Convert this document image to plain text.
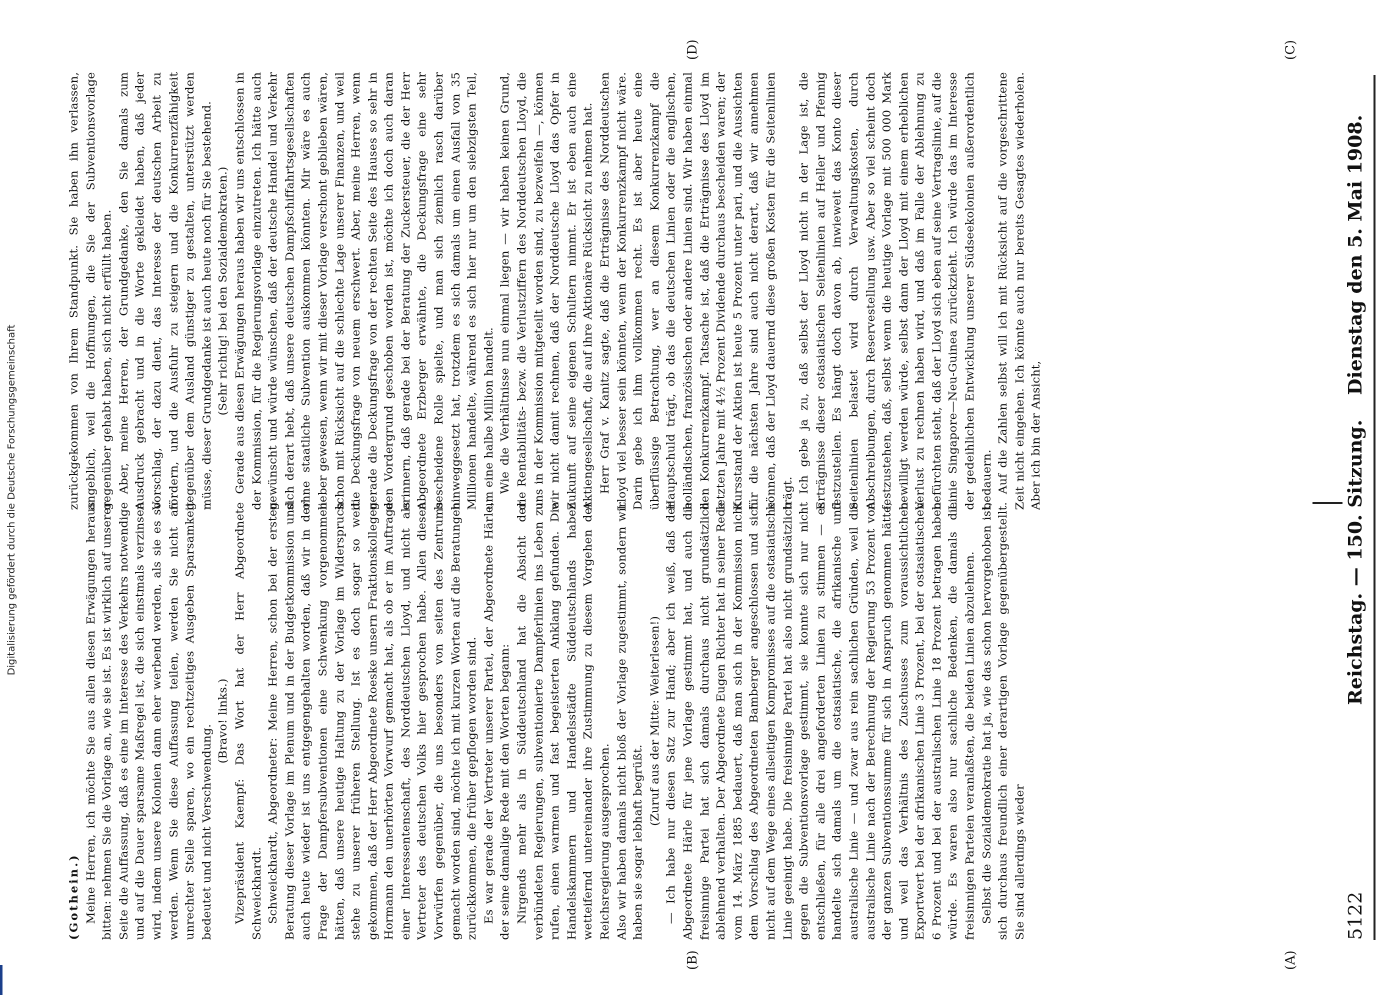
5122
Reichstag. — 150. Sitzung.
Dienstag den 5. Mai 1908.
(A)
(B)
(C)
(D)

(Gothein.) Meine Herren, ich möchte Sie aus allen diesen Erwägungen heraus bitten: nehmen Sie die Vorlage an, wie sie ist. Es ist wirklich auf unserer Seite die Auffassung, daß es eine im Interesse des Verkehrs notwendige und auf die Dauer sparsame Maßregel ist, die sich einstmals verzinsen wird, indem unsere Kolonien dann eher werbend werden, als sie es so werden. Wenn Sie diese Auffassung teilen, werden Sie nicht an unrechter Stelle sparen, wo ein rechtzeitiges Ausgeben Sparsamkeit bedeutet und nicht Verschwendung.

(Bravo! links.) Vizepräsident Kaempf: Das Wort hat der Herr Abgeordnete Schweickhardt. Schweickhardt, Abgeordneter: Meine Herren, schon bei der ersten Beratung dieser Vorlage im Plenum und in der Budgetkommission und auch heute wieder ist uns entgegengehalten worden, daß wir in der Frage der Dampfersubventionen eine Schwenkung vorgenommen hätten, daß unsere heutige Haltung zu der Vorlage im Widerspruch stehe zu unserer früheren Stellung. Ist es doch sogar so weit gekommen, daß der Herr Abgeordnete Roeske unsern Fraktionskollegen Hormann den unerhörten Vorwurf gemacht hat, als ob er im Auftrage einer Interessentenschaft, des Norddeutschen Lloyd, und nicht als Vertreter des deutschen Volks hier gesprochen habe. Allen diesen Vorwürfen gegenüber, die uns besonders von seiten des Zentrums gemacht worden sind, möchte ich mit kurzen Worten auf die Beratungen zurückkommen, die früher gepflogen worden sind. Es war gerade der Vertreter unserer Partei, der Abgeordnete Härle, der seine damalige Rede mit den Worten begann: Nirgends mehr als in Süddeutschland hat die Absicht der verbündeten Regierungen, subventionierte Dampferlinien ins Leben zu rufen, einen warmen und fast begeisterten Anklang gefunden. Die Handelskammern und Handelsstädte Süddeutschlands haben wetteifernd untereinander ihre Zustimmung zu diesem Vorgehen der Reichsregierung ausgesprochen. Also wir haben damals nicht bloß der Vorlage zugestimmt, sondern wir haben sie sogar lebhaft begrüßt.

(Zuruf aus der Mitte: Weiterlesen!) — Ich habe nur diesen Satz zur Hand; aber ich weiß, daß der Abgeordnete Härle für jene Vorlage gestimmt hat, und auch die freisinnige Partei hat sich damals durchaus nicht grundsätzlich ablehnend verhalten. Der Abgeordnete Eugen Richter hat in seiner Rede vom 14. März 1885 bedauert, daß man sich in der Kommission nicht dem Vorschlag des Abgeordneten Bamberger angeschlossen und sich nicht auf dem Wege eines allseitigen Kompromisses auf die ostasiatische Linie geeinigt habe. Die freisinnige Partei hat also nicht grundsätzlich gegen die Subventionsvorlage gestimmt, sie konnte sich nur nicht entschließen, für alle drei angeforderten Linien zu stimmen — es handelte sich damals um die ostasiatische, die afrikanische und australische Linie — und zwar aus rein sachlichen Gründen, weil die australische Linie nach der Berechnung der Regierung 53 Prozent von der ganzen Subventionssumme für sich in Anspruch genommen hätte, und weil das Verhältnis des Zuschusses zum voraussichtlichen Exportwert bei der afrikanischen Linie 3 Prozent, bei der ostasiatischen 6 Prozent und bei der australischen Linie 18 Prozent betragen haben würde. Es waren also nur sachliche Bedenken, die damals die freisinnigen Parteien veranlaßten, die beiden Linien abzulehnen. Selbst die Sozialdemokratie hat ja, wie das schon hervorgehoben ist, sich durchaus freundlich einer derartigen Vorlage gegenübergestellt. Sie sind allerdings wieder

zurückgekommen von Ihrem Standpunkt. Sie haben ihn verlassen, angeblich, weil die Hoffnungen, die Sie der Subventionsvorlage gegenüber gehabt haben, sich nicht erfüllt haben. Aber, meine Herren, der Grundgedanke, den Sie damals zum Ausdruck gebracht und in die Worte gekleidet haben, daß jeder Vorschlag, der dazu dient, das Interesse der deutschen Arbeit zu fördern, und die Ausfuhr zu steigern und die Konkurrenzfähigkeit gegenüber dem Ausland günstiger zu gestalten, unterstützt werden müsse, dieser Grundgedanke ist auch heute noch für Sie bestehend. (Sehr richtig! bei den Sozialdemokraten.) Gerade aus diesen Erwägungen heraus haben wir uns entschlossen in der Kommission, für die Regierungsvorlage einzutreten. Ich hätte auch gewünscht und würde wünschen, daß der deutsche Handel und Verkehr sich derart hebt, daß unsere deutschen Dampfschiffahrtsgesellschaften ohne staatliche Subvention auskommen könnten. Mir wäre es auch lieber gewesen, wenn wir mit dieser Vorlage verschont geblieben wären, schon mit Rücksicht auf die schlechte Lage unserer Finanzen, und weil die Deckungsfrage von neuem erschwert. Aber, meine Herren, wenn gerade die Deckungsfrage von der rechten Seite des Hauses so sehr in den Vordergrund geschoben worden ist, möchte ich doch auch daran erinnern, daß gerade bei der Beratung der Zuckersteuer, die der Herr Abgeordnete Erzberger erwähnte, die Deckungsfrage eine sehr bescheidene Rolle spielte, und man sich ziemlich rasch darüber hinweggesetzt hat, trotzdem es sich damals um einen Ausfall von 35 Millionen handelte, während es sich hier nur um den siebzigsten Teil, um eine halbe Million handelt. Wie die Verhältnisse nun einmal liegen — wir haben keinen Grund, die Rentabilitäts- bezw. die Verlustziffern des Norddeutschen Lloyd, die uns in der Kommission mitgeteilt worden sind, zu bezweifeln —, können wir nicht damit rechnen, daß der Norddeutsche Lloyd das Opfer in Zukunft auf seine eigenen Schultern nimmt. Er ist eben auch eine Aktiengesellschaft, die auf ihre Aktionäre Rücksicht zu nehmen hat. Herr Graf v. Kanitz sagte, daß die Erträgnisse des Norddeutschen Lloyd viel besser sein könnten, wenn der Konkurrenzkampf nicht wäre. Darin gebe ich ihm vollkommen recht. Es ist aber heute eine überflüssige Betrachtung, wer an diesem Konkurrenzkampf die Hauptschuld trägt, ob das die deutschen Linien oder die englischen, holländischen, französischen oder andere Linien sind. Wir haben einmal den Konkurrenzkampf. Tatsache ist, daß die Erträgnisse des Lloyd im letzten Jahre mit 4½ Prozent Dividende durchaus bescheiden waren; der Kursstand der Aktien ist heute 5 Prozent unter pari, und die Aussichten für die nächsten Jahre sind auch nicht derart, daß wir annehmen können, daß der Lloyd dauernd diese großen Kosten für die Seitenlinien trägt. Ich gebe ja zu, daß selbst der Lloyd nicht in der Lage ist, die Erträgnisse dieser ostasiatischen Seitenlinien auf Heller und Pfennig festzustellen. Es hängt doch davon ab, inwieweit das Konto dieser Seitenlinien belastet wird durch Verwaltungskosten, durch Abschreibungen, durch Reservestellung usw. Aber so viel scheint doch festzustehen, daß, selbst wenn die heutige Vorlage mit 500 000 Mark bewilligt werden würde, selbst dann der Lloyd mit einem erheblichen Verlust zu rechnen haben wird, und daß im Falle der Ablehnung zu befürchten steht, daß der Lloyd sich eben auf seine Vertragslinie, auf die Linie Singapore—Neu-Guinea zurückzieht. Ich würde das im Interesse der gedeihlichen Entwicklung unserer Südseekolonien außerordentlich bedauern. Auf die Zahlen selbst will ich mit Rücksicht auf die vorgeschrittene Zeit nicht eingehen. Ich könnte auch nur bereits Gesagtes wiederholen. Aber ich bin der Ansicht,

Digitalisierung gefördert durch die Deutsche Forschungsgemeinschaft
